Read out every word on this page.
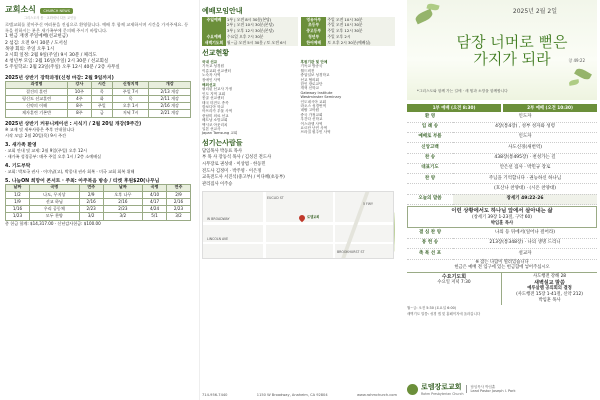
교회소식 CHURCH NEWS
그리스도의 몸 · 교회에서 다음 교인들
로뎀교회를 찾아주신 여러분을 진심으로 환영합니다. 예배 후 함께 교제하시며 시간을 가져주세요. 등록을 원하시는 분은 새가족부에 문의해 주시기 바랍니다.
1 헌금 재생 주일예배(선교헌금)
2 섬김: 오전 9시 30분 / 도서실
목양 회의: 주일 오후 1시
3 시회 일정: 2월 9일(주일) 9시 30분 / 체리도
4 청년부 모임: 2월 16일(주일) 2시 30분 / 선교회실
5 주일학교: 2월 23일(주일) 오후 12시 40분 / 2층 사무실
2025년 상반기 장학과정(신청 마감: 2월 9일까지)
과정명	강사	시간	신청지역	개강
결건의 훈련	10주	목	주일 7시	2/13 개강
평신도 선교훈련	4주	화	목	2/11 개강
신약의 이해	8주	주일	오후 1시	2/16 개강
제자훈련 기본반	8주	금	저녁 7시	2/21 개강
2025년 상반기 커뮤니케이션 : 시식기 / 2월 20일 개강(9주간)
※ 교재 및 세부사항은 추후 안내합니다
시작 모임: 2월 20일(목) 9시 주간
3. 새가족 환영
· 교회 안내 및 교제: 2월 9일(주일) 오후 12시
· 새가족 성경공부: 매주 주일 오후 1시 / 2층 소예배실
4. 기도부탁
· 교회: 박보국 권사 · 이미남(고), 박종내 권사 회복 · 미국 교회 회복 위해
5. 나눔ON 희망어 콘서트 · 주최: 아주복음 방송 / 티켓 후원$20(나무님
날짜	곡명	연주	날짜	곡명	연주
1/2	나도, 무지상	2/9	오후 나무	4/10	2/9
1/9	선교 하님	2/16	2/16	4/17	2/16
1/16	우리 공동체	2/23	2/23	4/24	2/23
1/23	모두 찬양	3/2	3/2	5/1	3/2
총 헌금 합계: $14,317.00 · 신년감사헌금: $100.00
예배모임안내
주일예배	1부 | 오전 8시 30분(본당)
	2부 | 오전 10시 30분(본당)
	3부 | 오후 12시 30분(본당)
수요예배	수요일 오후 7시 30분
새벽기도회	월~금 오전 5시 30분 / 토 오전 6시
영유아부	주일 오전 10시 30분
초등부	주일 오전 10시 30분
중고등부	주일 오후 12시 30분
청년부	주일 오후 2시
한어예배	토 오후 2시 30분(예배실)
선교현황
국내 선교
기독교 성경원
이름교회 선교센터
노숙자 사역
장애인 사역
해외선교
필리핀 선교사 가정
인도 지역 교회
몽골 선교센터
태국 미전도 종족
캄보디아 학교
아프리카 우물 사역
중남미 의료 선교
베트남 소망교회
멕시코 아웃리치
일본 선교사
Japan Tamsung 교회
후원기관 및 단체
기독교 방송국
월드비전
중앙일보 성경학교
선교 협의회
한인 장로교단
개혁 신학교
Gateway Institute
Westminster Seminary
인도네시아 교회
라오스 성경번역
네팔 고아원
중국 가정교회
우간다 신학교
이스라엘 사역
요르단 난민 사역
브라질 원주민 사역
섬기는사람들
담임목사 박동표 목사
부 목 사 장동석 목사 / 김성진 전도사
시무장로 권성대 · 이상범 · 한동민
전도사 김정미 · 박주영 · 이은정
교육전도사 서진석(중고부) / 이다혜(초등부)
관리집사 이주승
W BROADWAY
LINCOLN AVE
EUCLID ST
BROOKHURST ST
5 FWY
로뎀교회
714-956-7440	1150 W Broadway, Anaheim, CA 92804	www.rohmchurch.com
2025년 2월 2일
담장 너머로 뻗은
가지가 되라	창 49:22
*그리스도와 함께 가는 길에 · 새 힘과 소망을 함께합니다
1부 예배 (오전 8:30)	2부 예배 (오전 10:30)
환 영	인도자
입 례 송	4장(통4장) , 성부 성자와 성령
예배로 부름	인도자
신앙고백	사도신경(새번역)
찬 송	438장(통495장) · 천성가는 길
대표기도	안은선 집사 · 박민규 장로
찬 양	주님을 기억합니다 · 권능하신 하나님
	(호산나 찬양대) · (시온 찬양대)
오늘의 말씀	창세기 49:22-26
이런 상황에서도 하나님 앞에서 살아내는 삶
(창세기 39장 1-23절, 구약 60)
박임훈 목사
결 심 찬 양	나의 등 뒤에서(일어나 걸어라)
봉 헌 송	213장(통348장) · 나의 생명 드리니
축 복 선 포	설교자
※ 잠는 다함이 열려있습니다
헌금은 예배 전 입구에 있는 헌금함에 넣어주십시오
수요기도회
수요일 저녁 7:30
사도행전 강해 28
새벽설교 말씀
예루살렘 공의회의 결정
(사도행전 15장 1-41절, 신약 212)
박임훈 목사
월~금: 오전 5:30 (토요일 6:00)
새벽기도 말씀: 성경 앱 및 홈페이지에 올라갑니다
로뎀장로교회
Rohm Presbyterian Church
담임목사 박임훈
Lead Pastor Joseph I. Park
